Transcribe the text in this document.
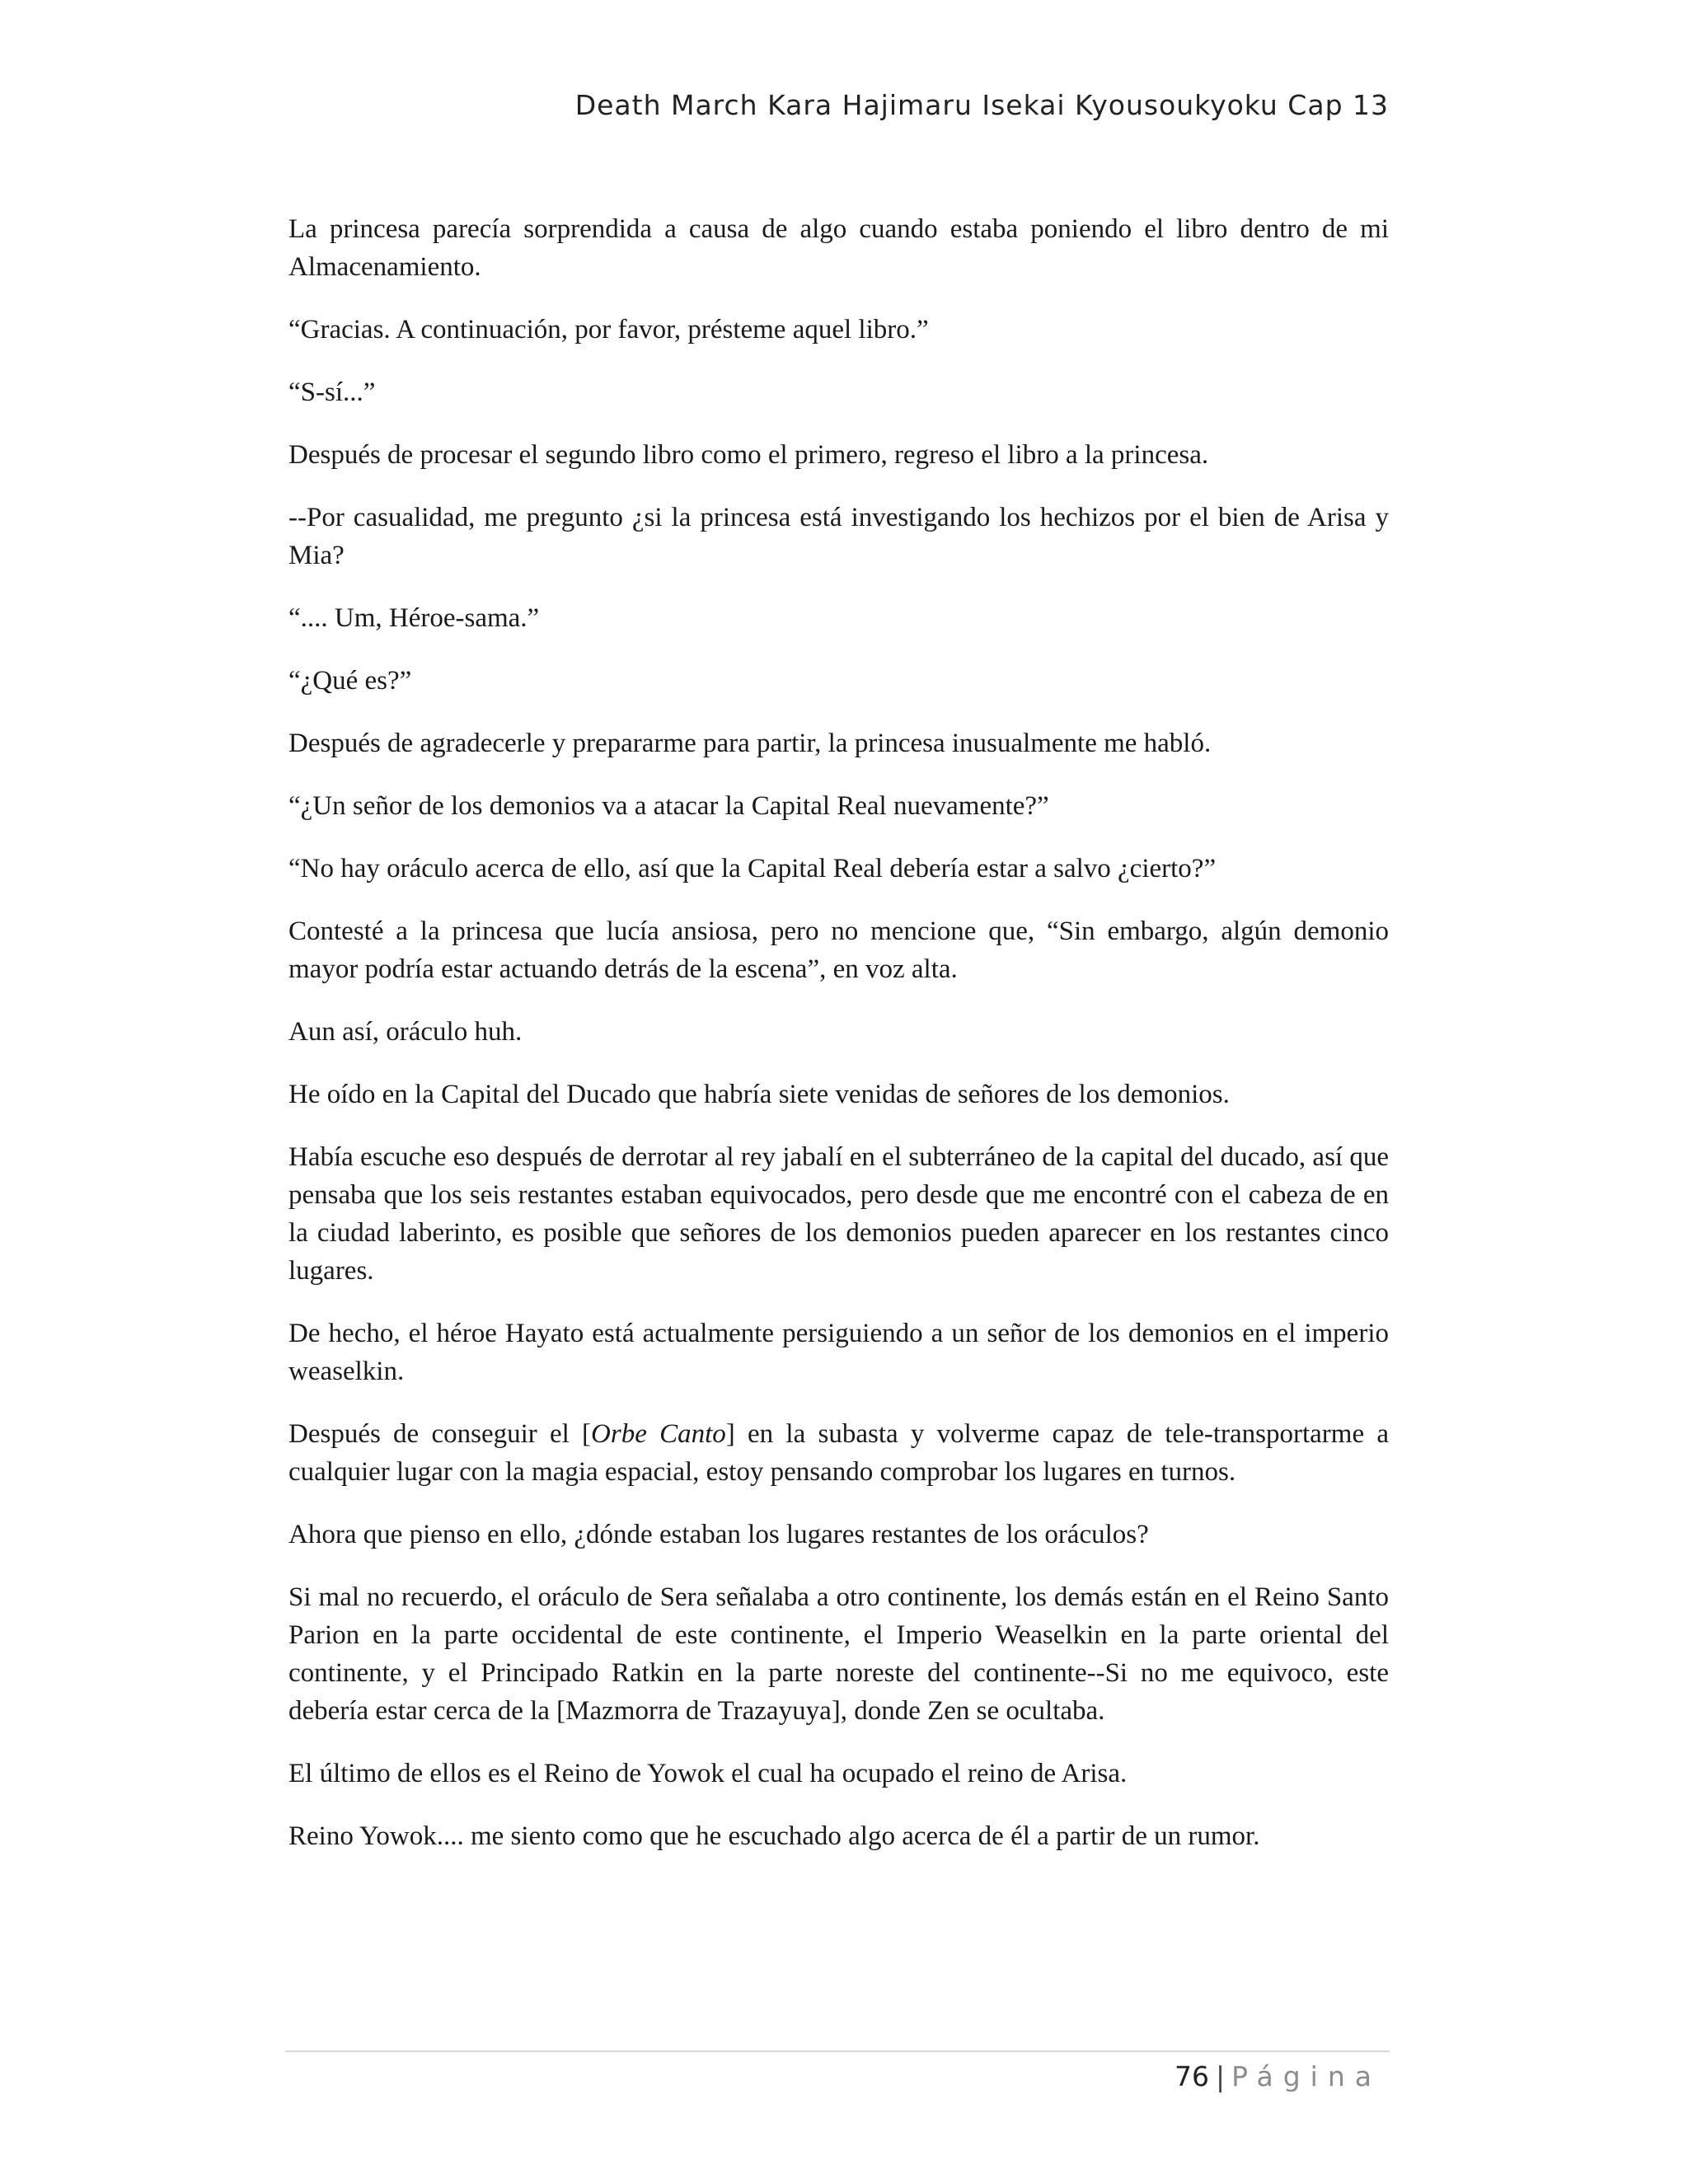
Death March Kara Hajimaru Isekai Kyousoukyoku Cap 13

La princesa parecía sorprendida a causa de algo cuando estaba poniendo el libro dentro de mi Almacenamiento.

“Gracias. A continuación, por favor, présteme aquel libro.”

“S-sí...”

Después de procesar el segundo libro como el primero, regreso el libro a la princesa.

--Por casualidad, me pregunto ¿si la princesa está investigando los hechizos por el bien de Arisa y Mia?

“.... Um, Héroe-sama.”

“¿Qué es?”

Después de agradecerle y prepararme para partir, la princesa inusualmente me habló.

“¿Un señor de los demonios va a atacar la Capital Real nuevamente?”

“No hay oráculo acerca de ello, así que la Capital Real debería estar a salvo ¿cierto?”

Contesté a la princesa que lucía ansiosa, pero no mencione que, “Sin embargo, algún demonio mayor podría estar actuando detrás de la escena”, en voz alta.

Aun así, oráculo huh.

He oído en la Capital del Ducado que habría siete venidas de señores de los demonios.

Había escuche eso después de derrotar al rey jabalí en el subterráneo de la capital del ducado, así que pensaba que los seis restantes estaban equivocados, pero desde que me encontré con el cabeza de en la ciudad laberinto, es posible que señores de los demonios pueden aparecer en los restantes cinco lugares.

De hecho, el héroe Hayato está actualmente persiguiendo a un señor de los demonios en el imperio weaselkin.

Después de conseguir el [Orbe Canto] en la subasta y volverme capaz de tele-transportarme a cualquier lugar con la magia espacial, estoy pensando comprobar los lugares en turnos.

Ahora que pienso en ello, ¿dónde estaban los lugares restantes de los oráculos?

Si mal no recuerdo, el oráculo de Sera señalaba a otro continente, los demás están en el Reino Santo Parion en la parte occidental de este continente, el Imperio Weaselkin en la parte oriental del continente, y el Principado Ratkin en la parte noreste del continente--Si no me equivoco, este debería estar cerca de la [Mazmorra de Trazayuya], donde Zen se ocultaba.

El último de ellos es el Reino de Yowok el cual ha ocupado el reino de Arisa.

Reino Yowok.... me siento como que he escuchado algo acerca de él a partir de un rumor.

76 | Página
